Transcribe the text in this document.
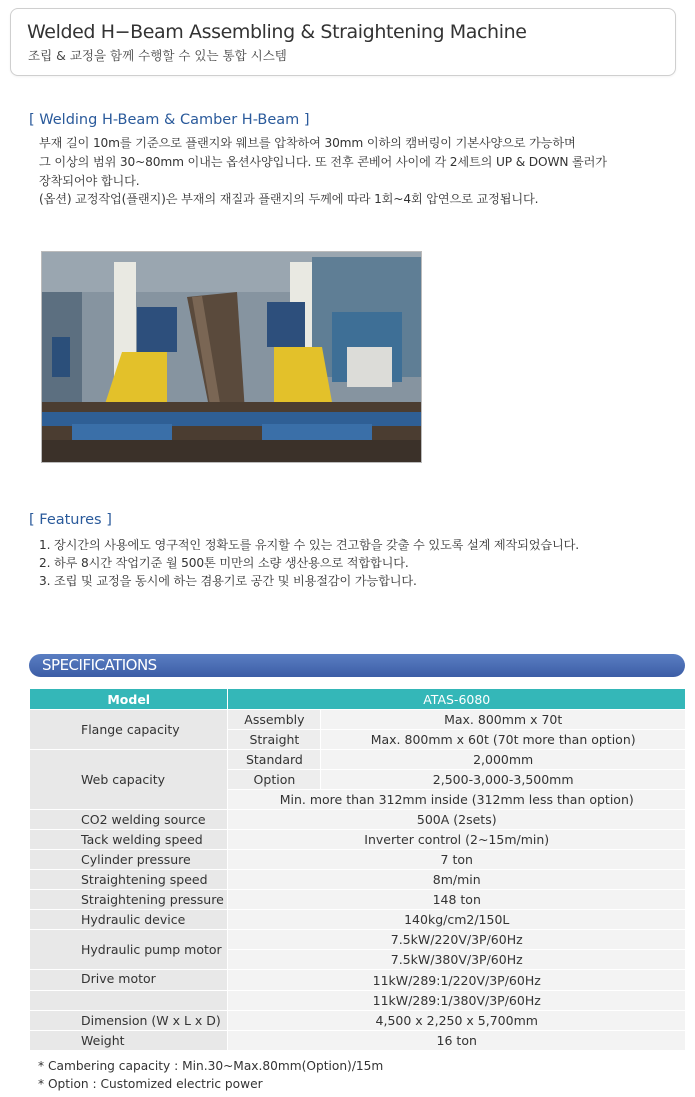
Welded H−Beam Assembling & Straightening Machine
조립 & 교정을 함께 수행할 수 있는 통합 시스템
[ Welding H-Beam & Camber H-Beam ]
부재 길이 10m를 기준으로 플랜지와 웨브를 압착하여 30mm 이하의 캠버링이 기본사양으로 가능하며
그 이상의 범위 30~80mm 이내는 옵션사양입니다. 또 전후 콘베어 사이에 각 2세트의 UP & DOWN 롤러가
장착되어야 합니다.
(옵션) 교정작업(플랜지)은 부재의 재질과 플랜지의 두께에 따라 1회~4회 압연으로 교정됩니다.
[ Features ]
1. 장시간의 사용에도 영구적인 정확도를 유지할 수 있는 견고함을 갖출 수 있도록 설계 제작되었습니다.
2. 하루 8시간 작업기준 월 500톤 미만의 소량 생산용으로 적합합니다.
3. 조립 및 교정을 동시에 하는 겸용기로 공간 및 비용절감이 가능합니다.
SPECIFICATIONS
Model	ATAS-6080	
Flange capacity	Assembly	Max. 800mm x 70t
	Straight	Max. 800mm x 60t (70t more than option)
Web capacity	Standard	2,000mm
	Option	2,500-3,000-3,500mm
	Min. more than 312mm inside (312mm less than option)	
CO2 welding source	500A (2sets)	
Tack welding speed	Inverter control (2~15m/min)	
Cylinder pressure	7 ton	
Straightening speed	8m/min	
Straightening pressure	148 ton	
Hydraulic device	140kg/cm2/150L	
Hydraulic pump motor	7.5kW/220V/3P/60Hz	
	7.5kW/380V/3P/60Hz	
Drive motor	11kW/289:1/220V/3P/60Hz	
	11kW/289:1/380V/3P/60Hz	
Dimension (W x L x D)	4,500 x 2,250 x 5,700mm	
Weight	16 ton	
* Cambering capacity : Min.30~Max.80mm(Option)/15m
* Option : Customized electric power
